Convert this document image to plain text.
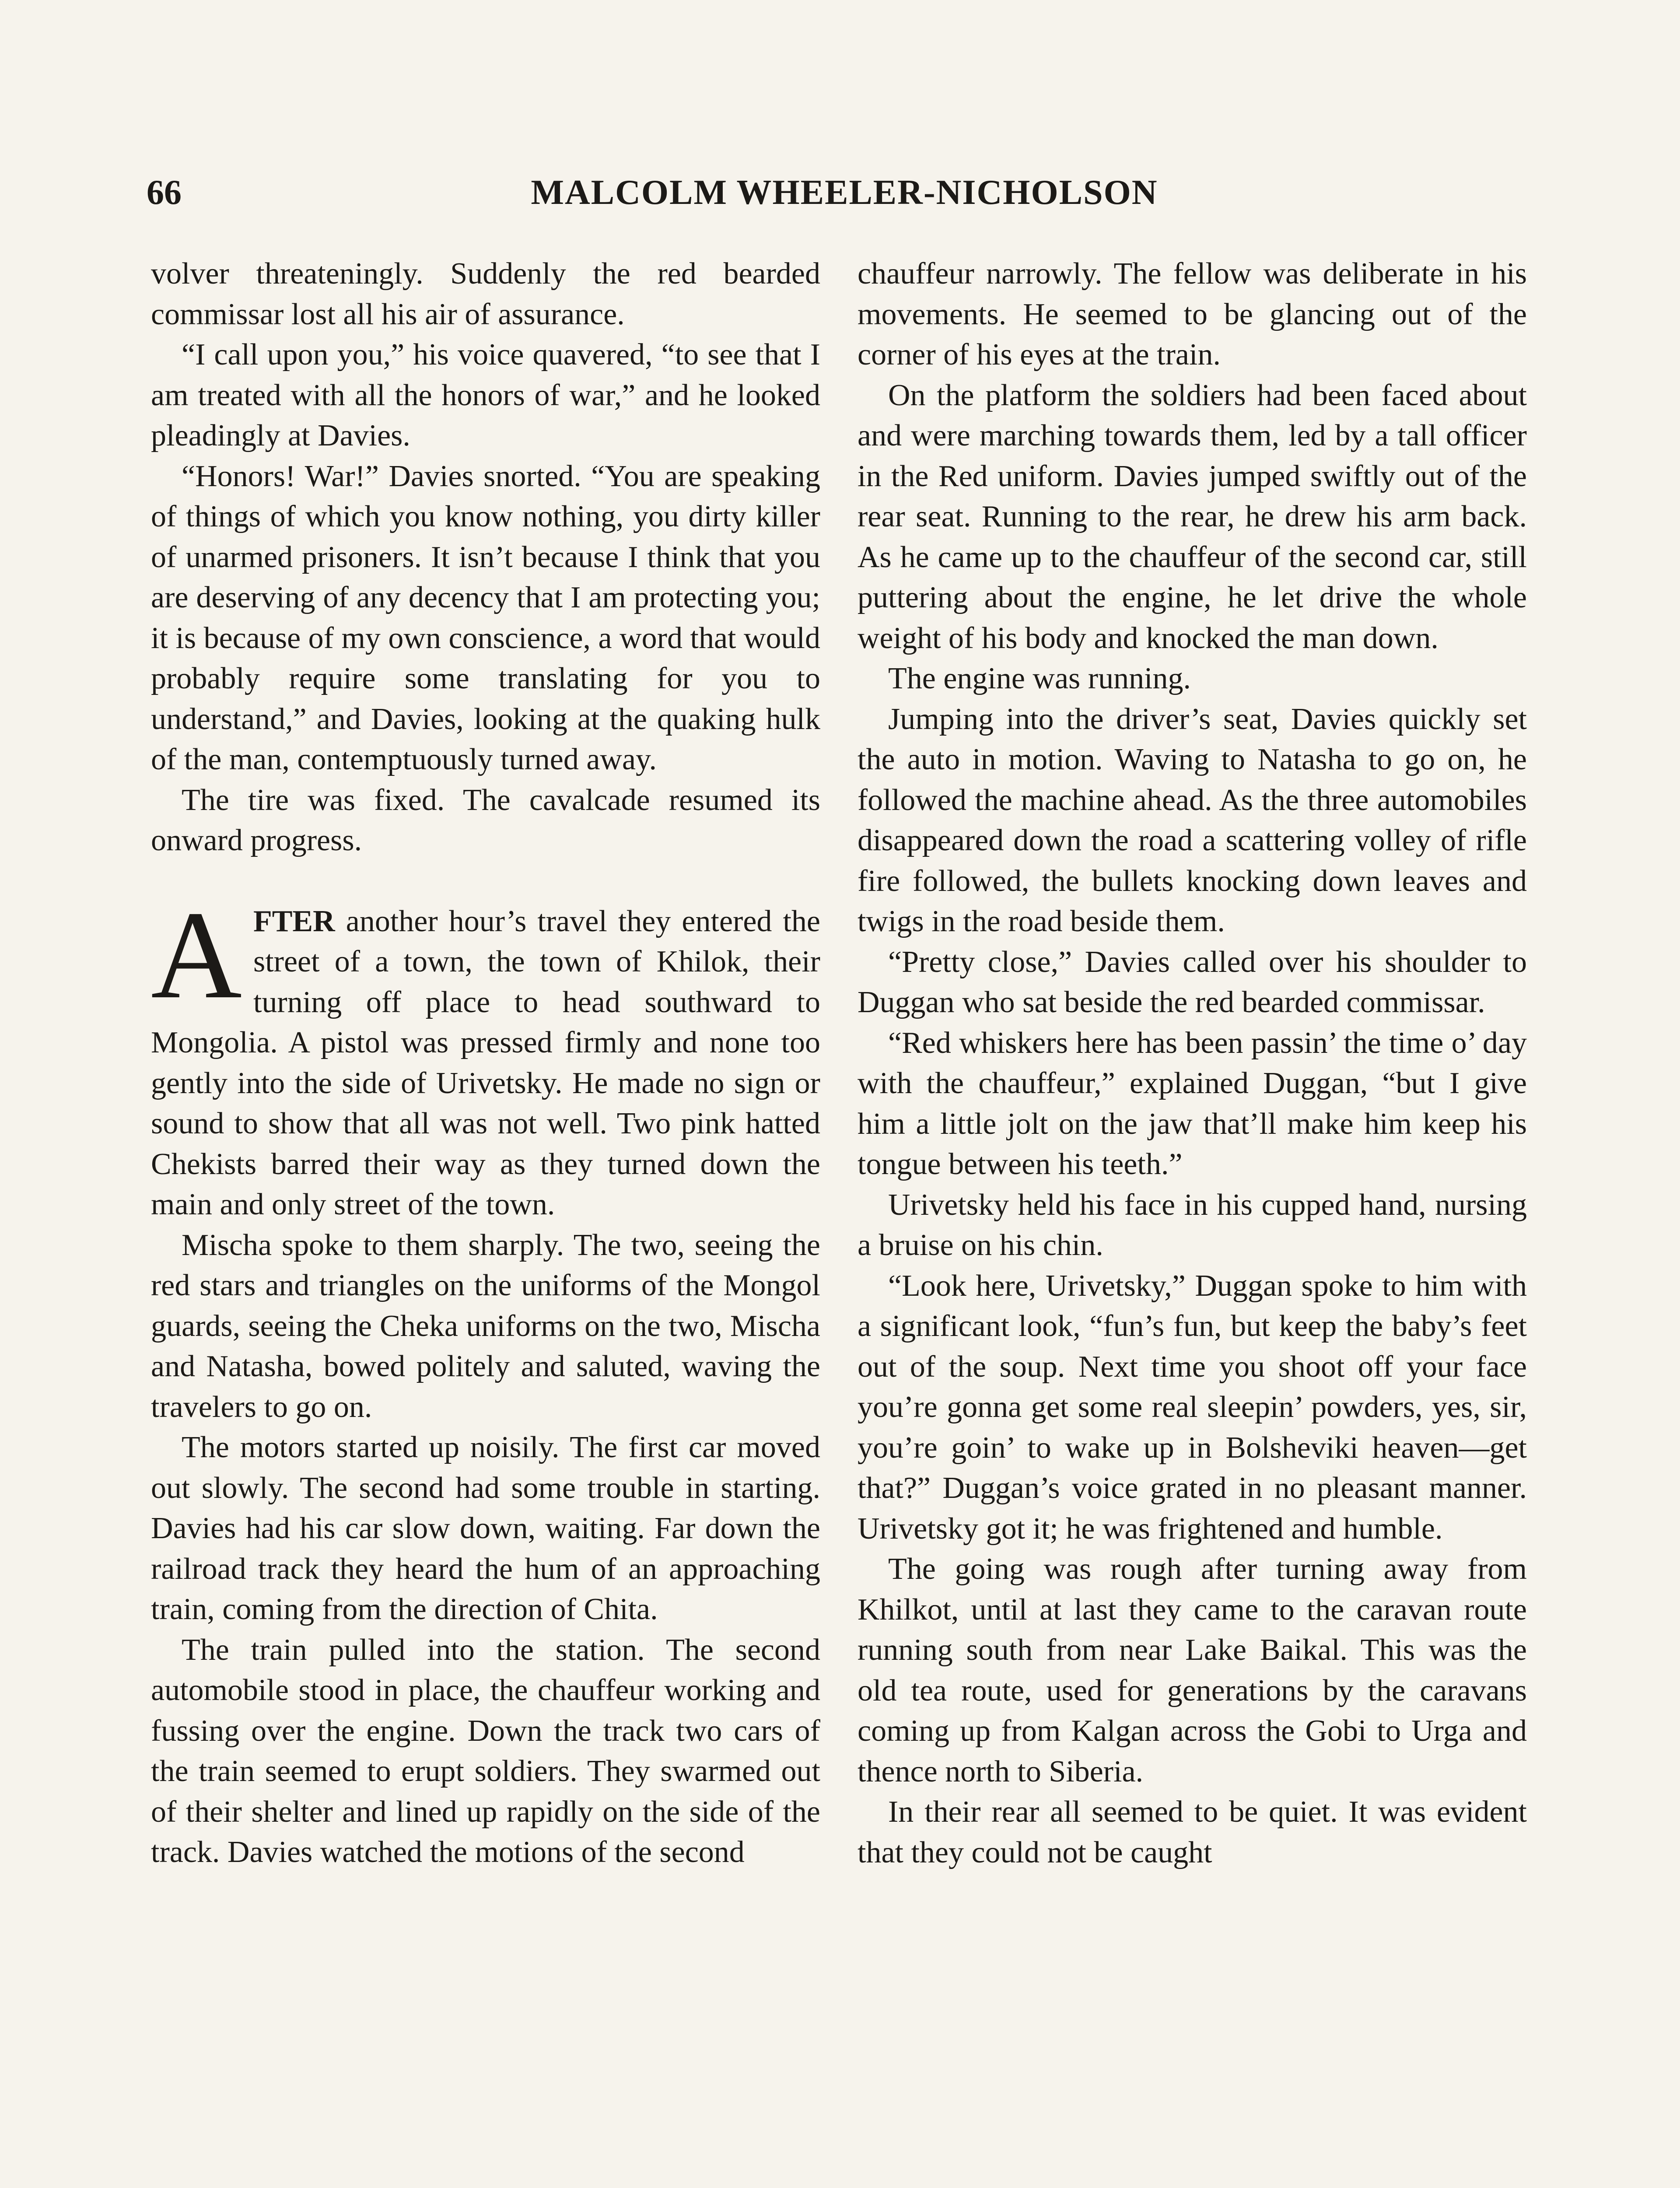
66	MALCOLM WHEELER-NICHOLSON

volver threateningly. Suddenly the red bearded commissar lost all his air of assurance.

“I call upon you,” his voice quavered, “to see that I am treated with all the honors of war,” and he looked pleadingly at Davies.

“Honors! War!” Davies snorted. “You are speaking of things of which you know nothing, you dirty killer of unarmed prisoners. It isn’t because I think that you are deserving of any decency that I am protecting you; it is because of my own conscience, a word that would probably require some translating for you to understand,” and Davies, looking at the quaking hulk of the man, contemptuously turned away.

The tire was fixed. The cavalcade resumed its onward progress.

AFTER another hour’s travel they entered the street of a town, the town of Khilok, their turning off place to head southward to Mongolia. A pistol was pressed firmly and none too gently into the side of Urivetsky. He made no sign or sound to show that all was not well. Two pink hatted Chekists barred their way as they turned down the main and only street of the town.

Mischa spoke to them sharply. The two, seeing the red stars and triangles on the uniforms of the Mongol guards, seeing the Cheka uniforms on the two, Mischa and Natasha, bowed politely and saluted, waving the travelers to go on.

The motors started up noisily. The first car moved out slowly. The second had some trouble in starting. Davies had his car slow down, waiting. Far down the railroad track they heard the hum of an approaching train, coming from the direction of Chita.

The train pulled into the station. The second automobile stood in place, the chauffeur working and fussing over the engine. Down the track two cars of the train seemed to erupt soldiers. They swarmed out of their shelter and lined up rapidly on the side of the track. Davies watched the motions of the second

chauffeur narrowly. The fellow was deliberate in his movements. He seemed to be glancing out of the corner of his eyes at the train.

On the platform the soldiers had been faced about and were marching towards them, led by a tall officer in the Red uniform. Davies jumped swiftly out of the rear seat. Running to the rear, he drew his arm back. As he came up to the chauffeur of the second car, still puttering about the engine, he let drive the whole weight of his body and knocked the man down.

The engine was running.

Jumping into the driver’s seat, Davies quickly set the auto in motion. Waving to Natasha to go on, he followed the machine ahead. As the three automobiles disappeared down the road a scattering volley of rifle fire followed, the bullets knocking down leaves and twigs in the road beside them.

“Pretty close,” Davies called over his shoulder to Duggan who sat beside the red bearded commissar.

“Red whiskers here has been passin’ the time o’ day with the chauffeur,” explained Duggan, “but I give him a little jolt on the jaw that’ll make him keep his tongue between his teeth.”

Urivetsky held his face in his cupped hand, nursing a bruise on his chin.

“Look here, Urivetsky,” Duggan spoke to him with a significant look, “fun’s fun, but keep the baby’s feet out of the soup. Next time you shoot off your face you’re gonna get some real sleepin’ powders, yes, sir, you’re goin’ to wake up in Bolsheviki heaven—get that?” Duggan’s voice grated in no pleasant manner. Urivetsky got it; he was frightened and humble.

The going was rough after turning away from Khilkot, until at last they came to the caravan route running south from near Lake Baikal. This was the old tea route, used for generations by the caravans coming up from Kalgan across the Gobi to Urga and thence north to Siberia.

In their rear all seemed to be quiet. It was evident that they could not be caught
